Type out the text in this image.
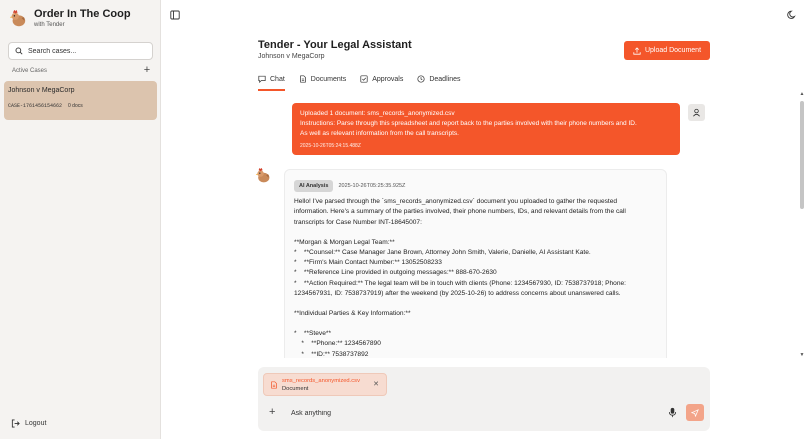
Order In The Coop
with Tender
Search cases...
Active Cases	+
Johnson v MegaCorp
CASE-1761456154662 0 docs
Logout
Tender - Your Legal Assistant
Johnson v MegaCorp
Upload Document
Chat	Documents	Approvals	Deadlines
Uploaded 1 document: sms_records_anonymized.csv
Instructions: Parse through this spreadsheet and report back to the parties involved with their phone numbers and ID.
As well as relevant information from the call transcripts.
2025-10-26T05:24:15.488Z
AI Analysis	2025-10-26T05:25:35.925Z
Hello! I've parsed through the `sms_records_anonymized.csv` document you uploaded to gather the requested
information. Here's a summary of the parties involved, their phone numbers, IDs, and relevant details from the call
transcripts for Case Number INT-18645007:
**Morgan & Morgan Legal Team:**
*    **Counsel:** Case Manager Jane Brown, Attorney John Smith, Valerie, Danielle, AI Assistant Kate.
*    **Firm's Main Contact Number:** 13052508233
*    **Reference Line provided in outgoing messages:** 888-670-2630
*    **Action Required:** The legal team will be in touch with clients (Phone: 1234567930, ID: 7538737918; Phone:
1234567931, ID: 7538737919) after the weekend (by 2025-10-26) to address concerns about unanswered calls.
**Individual Parties & Key Information:**
*    **Steve**
*    **Phone:** 1234567890
*    **ID:** 7538737892
▲
▼
sms_records_anonymized.csv
Document
✕
+
Ask anything
